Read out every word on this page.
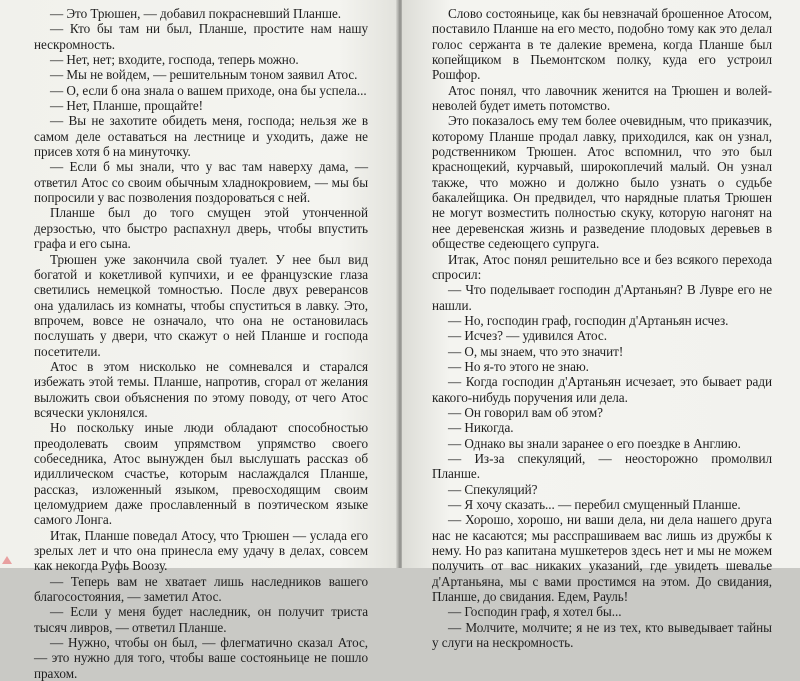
— Это Трюшен, — добавил покрасневший Планше.

— Кто бы там ни был, Планше, простите нам нашу нескромность.

— Нет, нет; входите, господа, теперь можно.

— Мы не войдем, — решительным тоном заявил Атос.

— О, если б она знала о вашем приходе, она бы успела...

— Нет, Планше, прощайте!

— Вы не захотите обидеть меня, господа; нельзя же в самом деле оставаться на лестнице и уходить, даже не присев хотя б на минуточку.

— Если б мы знали, что у вас там наверху дама, — ответил Атос со своим обычным хладнокровием, — мы бы попросили у вас позволения поздороваться с ней.

Планше был до того смущен этой утонченной дерзостью, что быстро распахнул дверь, чтобы впустить графа и его сына.

Трюшен уже закончила свой туалет. У нее был вид богатой и кокетливой купчихи, и ее французские глаза светились немецкой томностью. После двух реверансов она удалилась из комнаты, чтобы спуститься в лавку. Это, впрочем, вовсе не означало, что она не остановилась послушать у двери, что скажут о ней Планше и господа посетители.

Атос в этом нисколько не сомневался и старался избежать этой темы. Планше, напротив, сгорал от желания выложить свои объяснения по этому поводу, от чего Атос всячески уклонялся.

Но поскольку иные люди обладают способностью преодолевать своим упрямством упрямство своего собеседника, Атос вынужден был выслушать рассказ об идиллическом счастье, которым наслаждался Планше, рассказ, изложенный языком, превосходящим своим целомудрием даже прославленный в поэтическом языке самого Лонга.

Итак, Планше поведал Атосу, что Трюшен — услада его зрелых лет и что она принесла ему удачу в делах, совсем как некогда Руфь Воозу.

— Теперь вам не хватает лишь наследников вашего благосостояния, — заметил Атос.

— Если у меня будет наследник, он получит триста тысяч ливров, — ответил Планше.

— Нужно, чтобы он был, — флегматично сказал Атос, — это нужно для того, чтобы ваше состояньице не пошло прахом.

Слово состояньице, как бы невзначай брошенное Атосом, поставило Планше на его место, подобно тому как это делал голос сержанта в те далекие времена, когда Планше был копейщиком в Пьемонтском полку, куда его устроил Рошфор.

Атос понял, что лавочник женится на Трюшен и волей-неволей будет иметь потомство.

Это показалось ему тем более очевидным, что приказчик, которому Планше продал лавку, приходился, как он узнал, родственником Трюшен. Атос вспомнил, что это был краснощекий, курчавый, широкоплечий малый. Он узнал также, что можно и должно было узнать о судьбе бакалейщика. Он предвидел, что нарядные платья Трюшен не могут возместить полностью скуку, которую нагонят на нее деревенская жизнь и разведение плодовых деревьев в обществе седеющего супруга.

Итак, Атос понял решительно все и без всякого перехода спросил:

— Что поделывает господин д'Артаньян? В Лувре его не нашли.

— Но, господин граф, господин д'Артаньян исчез.

— Исчез? — удивился Атос.

— О, мы знаем, что это значит!

— Но я-то этого не знаю.

— Когда господин д'Артаньян исчезает, это бывает ради какого-нибудь поручения или дела.

— Он говорил вам об этом?

— Никогда.

— Однако вы знали заранее о его поездке в Англию.

— Из-за спекуляций, — неосторожно промолвил Планше.

— Спекуляций?

— Я хочу сказать... — перебил смущенный Планше.

— Хорошо, хорошо, ни ваши дела, ни дела нашего друга нас не касаются; мы расспрашиваем вас лишь из дружбы к нему. Но раз капитана мушкетеров здесь нет и мы не можем получить от вас никаких указаний, где увидеть шевалье д'Артаньяна, мы с вами простимся на этом. До свидания, Планше, до свидания. Едем, Рауль!

— Господин граф, я хотел бы...

— Молчите, молчите; я не из тех, кто выведывает тайны у слуги на нескромность.
